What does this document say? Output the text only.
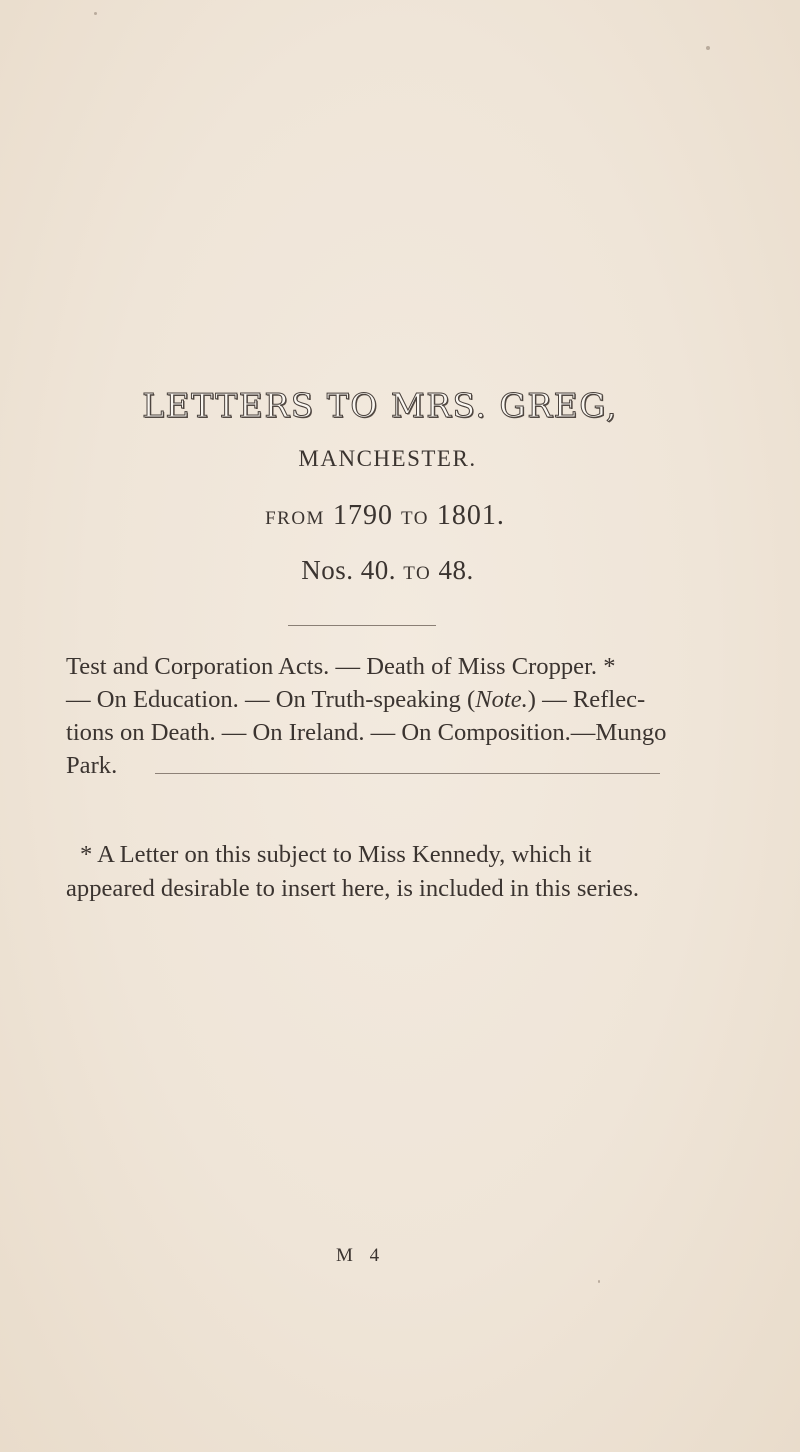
LETTERS TO MRS. GREG,
MANCHESTER.
FROM 1790 TO 1801.
Nos. 40. TO 48.
Test and Corporation Acts. — Death of Miss Cropper. *
— On Education. — On Truth-speaking (Note.) — Reflec-
tions on Death. — On Ireland. — On Composition.—Mungo
Park.
* A Letter on this subject to Miss Kennedy, which it
appeared desirable to insert here, is included in this series.
M 4
